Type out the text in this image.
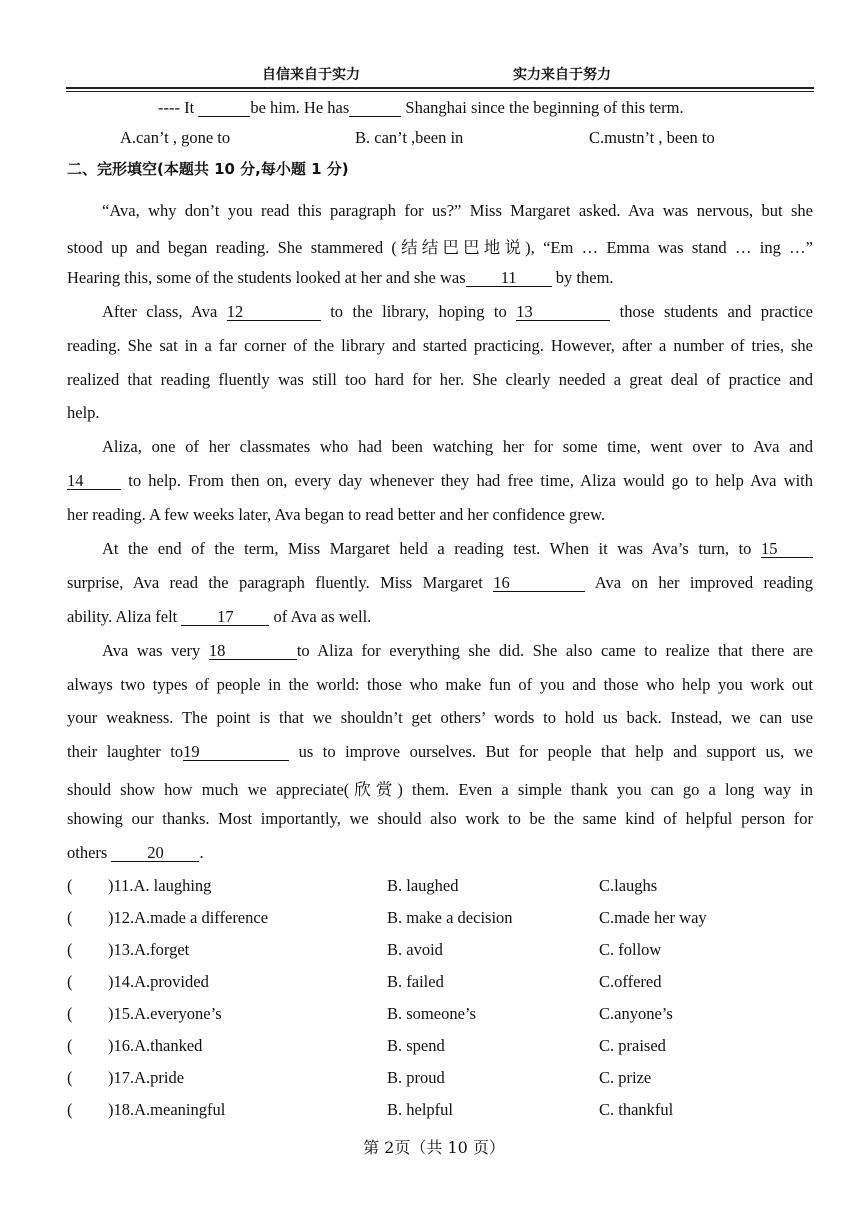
自信来自于实力	实力来自于努力
---- It	be him. He has	Shanghai since the beginning of this term.
A.can’t , gone to	B. can’t ,been in	C.mustn’t , been to
二、完形填空(本题共 10 分,每小题 1 分)
“Ava, why don’t you read this paragraph for us?” Miss Margaret asked. Ava was nervous, but she
stood up and began reading. She stammered (结结巴巴地说), “Em … Emma was stand … ing …”
Hearing this, some of the students looked at her and she was 11 by them.
After class, Ava 12	to the library, hoping to 13	those students and practice
reading. She sat in a far corner of the library and started practicing. However, after a number of tries, she
realized that reading fluently was still too hard for her. She clearly needed a great deal of practice and
help.
Aliza, one of her classmates who had been watching her for some time, went over to Ava and
14 to help. From then on, every day whenever they had free time, Aliza would go to help Ava with
her reading. A few weeks later, Ava began to read better and her confidence grew.
At the end of the term, Miss Margaret held a reading test. When it was Ava’s turn, to 15
surprise, Ava read the paragraph fluently. Miss Margaret 16	Ava on her improved reading
ability. Aliza felt 17 of Ava as well.
Ava was very 18	to Aliza for everything she did. She also came to realize that there are
always two types of people in the world: those who make fun of you and those who help you work out
your weakness. The point is that we shouldn’t get others’ words to hold us back. Instead, we can use
their laughter to19	us to improve ourselves. But for people that help and support us, we
should show how much we appreciate(欣赏) them. Even a simple thank you can go a long way in
showing our thanks. Most importantly, we should also work to be the same kind of helpful person for
others 20 .
( )11.A. laughing	B. laughed	C.laughs
( )12.A.made a difference	B. make a decision	C.made her way
( )13.A.forget	B. avoid	C. follow
( )14.A.provided	B. failed	C.offered
( )15.A.everyone’s	B. someone’s	C.anyone’s
( )16.A.thanked	B. spend	C. praised
( )17.A.pride	B. proud	C. prize
( )18.A.meaningful	B. helpful	C. thankful
第 2页（共 10 页）
